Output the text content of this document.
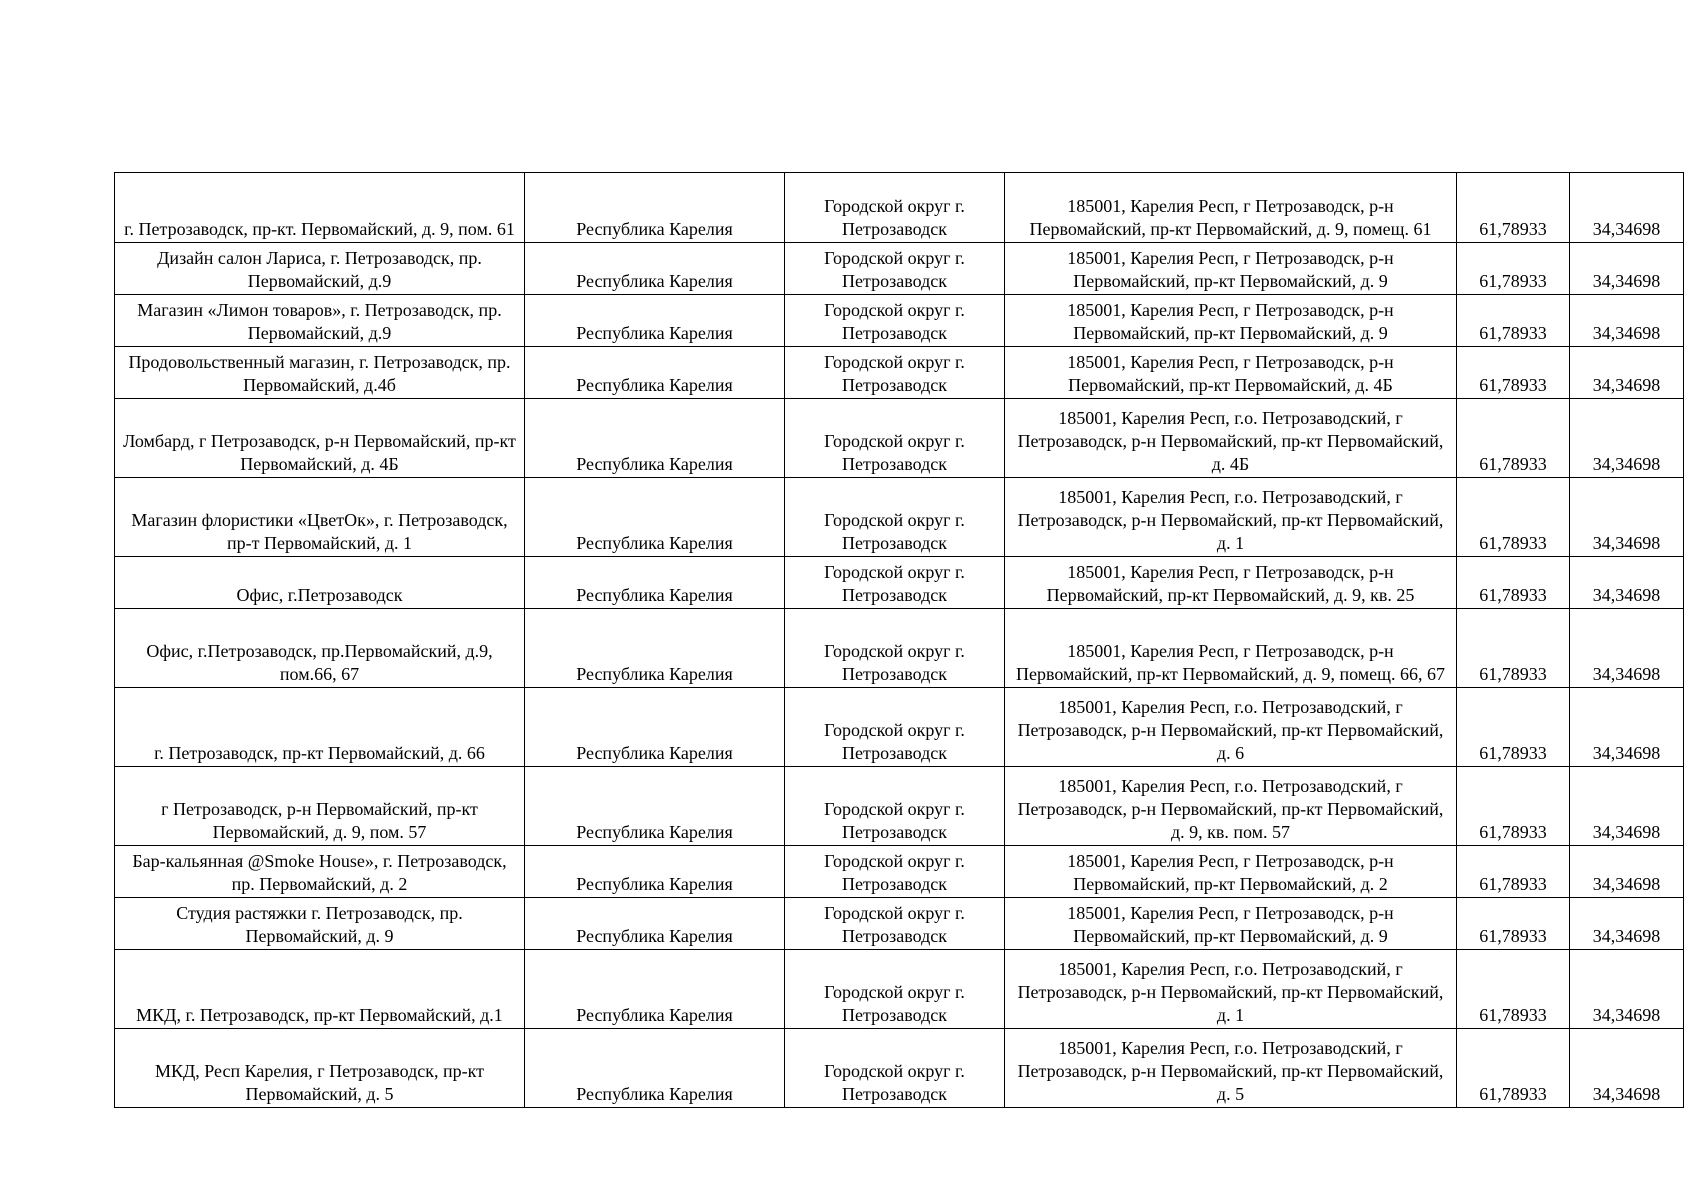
г. Петрозаводск, пр-кт. Первомайский, д. 9, пом. 61	Республика Карелия	Городской округ г. Петрозаводск	185001, Карелия Респ, г Петрозаводск, р-н Первомайский, пр-кт Первомайский, д. 9, помещ. 61	61,78933	34,34698
Дизайн салон Лариса, г. Петрозаводск, пр. Первомайский, д.9	Республика Карелия	Городской округ г. Петрозаводск	185001, Карелия Респ, г Петрозаводск, р-н Первомайский, пр-кт Первомайский, д. 9	61,78933	34,34698
Магазин «Лимон товаров», г. Петрозаводск, пр. Первомайский, д.9	Республика Карелия	Городской округ г. Петрозаводск	185001, Карелия Респ, г Петрозаводск, р-н Первомайский, пр-кт Первомайский, д. 9	61,78933	34,34698
Продовольственный магазин, г. Петрозаводск, пр. Первомайский, д.4б	Республика Карелия	Городской округ г. Петрозаводск	185001, Карелия Респ, г Петрозаводск, р-н Первомайский, пр-кт Первомайский, д. 4Б	61,78933	34,34698
Ломбард, г Петрозаводск, р-н Первомайский, пр-кт Первомайский, д. 4Б	Республика Карелия	Городской округ г. Петрозаводск	185001, Карелия Респ, г.о. Петрозаводский, г Петрозаводск, р-н Первомайский, пр-кт Первомайский, д. 4Б	61,78933	34,34698
Магазин флористики «ЦветОк», г. Петрозаводск, пр-т Первомайский, д. 1	Республика Карелия	Городской округ г. Петрозаводск	185001, Карелия Респ, г.о. Петрозаводский, г Петрозаводск, р-н Первомайский, пр-кт Первомайский, д. 1	61,78933	34,34698
Офис, г.Петрозаводск	Республика Карелия	Городской округ г. Петрозаводск	185001, Карелия Респ, г Петрозаводск, р-н Первомайский, пр-кт Первомайский, д. 9, кв. 25	61,78933	34,34698
Офис, г.Петрозаводск, пр.Первомайский, д.9, пом.66, 67	Республика Карелия	Городской округ г. Петрозаводск	185001, Карелия Респ, г Петрозаводск, р-н Первомайский, пр-кт Первомайский, д. 9, помещ. 66, 67	61,78933	34,34698
г. Петрозаводск, пр-кт Первомайский, д. 66	Республика Карелия	Городской округ г. Петрозаводск	185001, Карелия Респ, г.о. Петрозаводский, г Петрозаводск, р-н Первомайский, пр-кт Первомайский, д. 6	61,78933	34,34698
г Петрозаводск, р-н Первомайский, пр-кт Первомайский, д. 9, пом. 57	Республика Карелия	Городской округ г. Петрозаводск	185001, Карелия Респ, г.о. Петрозаводский, г Петрозаводск, р-н Первомайский, пр-кт Первомайский, д. 9, кв. пом. 57	61,78933	34,34698
Бар-кальянная @Smoke House», г. Петрозаводск, пр. Первомайский, д. 2	Республика Карелия	Городской округ г. Петрозаводск	185001, Карелия Респ, г Петрозаводск, р-н Первомайский, пр-кт Первомайский, д. 2	61,78933	34,34698
Студия растяжки г. Петрозаводск, пр. Первомайский, д. 9	Республика Карелия	Городской округ г. Петрозаводск	185001, Карелия Респ, г Петрозаводск, р-н Первомайский, пр-кт Первомайский, д. 9	61,78933	34,34698
МКД, г. Петрозаводск, пр-кт Первомайский, д.1	Республика Карелия	Городской округ г. Петрозаводск	185001, Карелия Респ, г.о. Петрозаводский, г Петрозаводск, р-н Первомайский, пр-кт Первомайский, д. 1	61,78933	34,34698
МКД, Респ Карелия, г Петрозаводск, пр-кт Первомайский, д. 5	Республика Карелия	Городской округ г. Петрозаводск	185001, Карелия Респ, г.о. Петрозаводский, г Петрозаводск, р-н Первомайский, пр-кт Первомайский, д. 5	61,78933	34,34698
